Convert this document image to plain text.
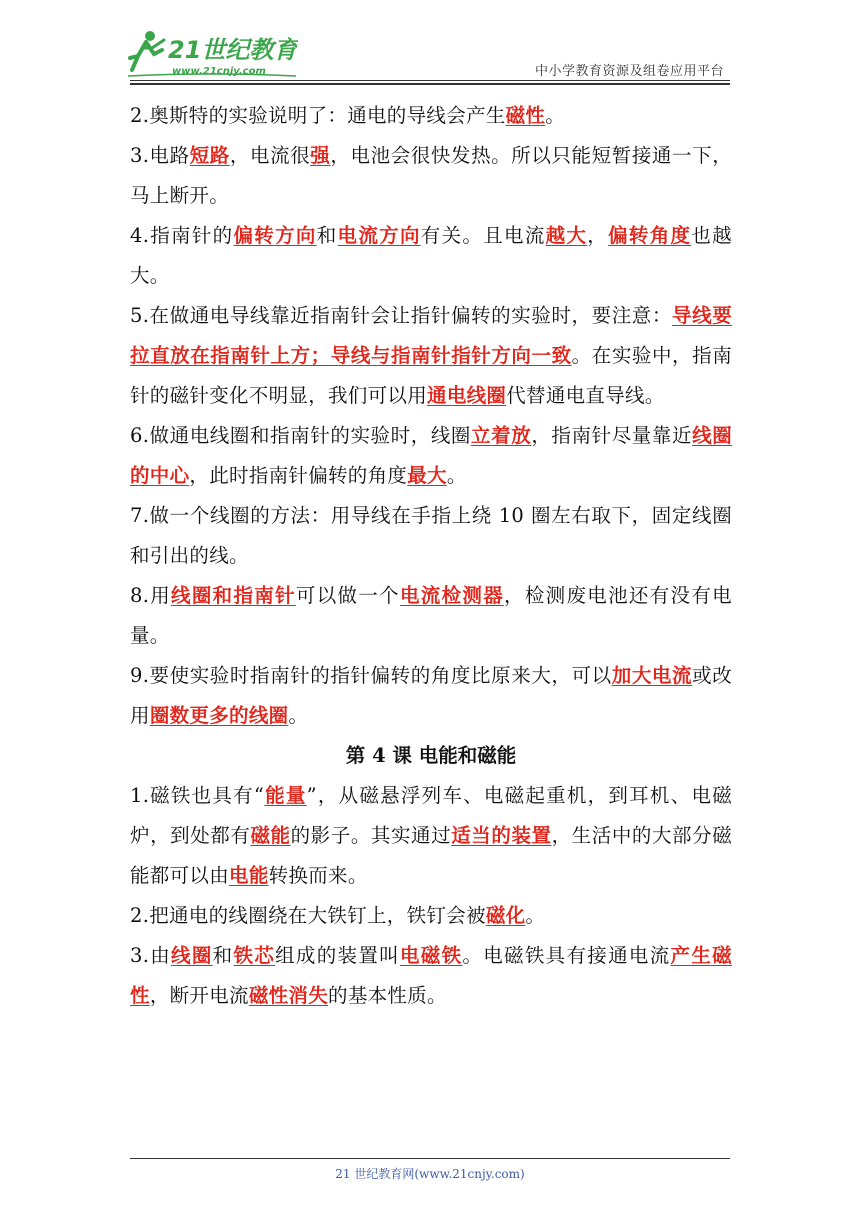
21世纪教育
www.21cnjy.com	中小学教育资源及组卷应用平台

2.奥斯特的实验说明了：通电的导线会产生磁性。

3.电路短路，电流很强，电池会很快发热。所以只能短暂接通一下，马上断开。

4.指南针的偏转方向和电流方向有关。且电流越大，偏转角度也越大。

5.在做通电导线靠近指南针会让指针偏转的实验时，要注意：导线要拉直放在指南针上方；导线与指南针指针方向一致。在实验中，指南针的磁针变化不明显，我们可以用通电线圈代替通电直导线。

6.做通电线圈和指南针的实验时，线圈立着放，指南针尽量靠近线圈的中心，此时指南针偏转的角度最大。

7.做一个线圈的方法：用导线在手指上绕 10 圈左右取下，固定线圈和引出的线。

8.用线圈和指南针可以做一个电流检测器，检测废电池还有没有电量。

9.要使实验时指南针的指针偏转的角度比原来大，可以加大电流或改用圈数更多的线圈。

第 4 课 电能和磁能

1.磁铁也具有“能量”，从磁悬浮列车、电磁起重机，到耳机、电磁炉，到处都有磁能的影子。其实通过适当的装置，生活中的大部分磁能都可以由电能转换而来。

2.把通电的线圈绕在大铁钉上，铁钉会被磁化。

3.由线圈和铁芯组成的装置叫电磁铁。电磁铁具有接通电流产生磁性，断开电流磁性消失的基本性质。

21 世纪教育网(www.21cnjy.com)
